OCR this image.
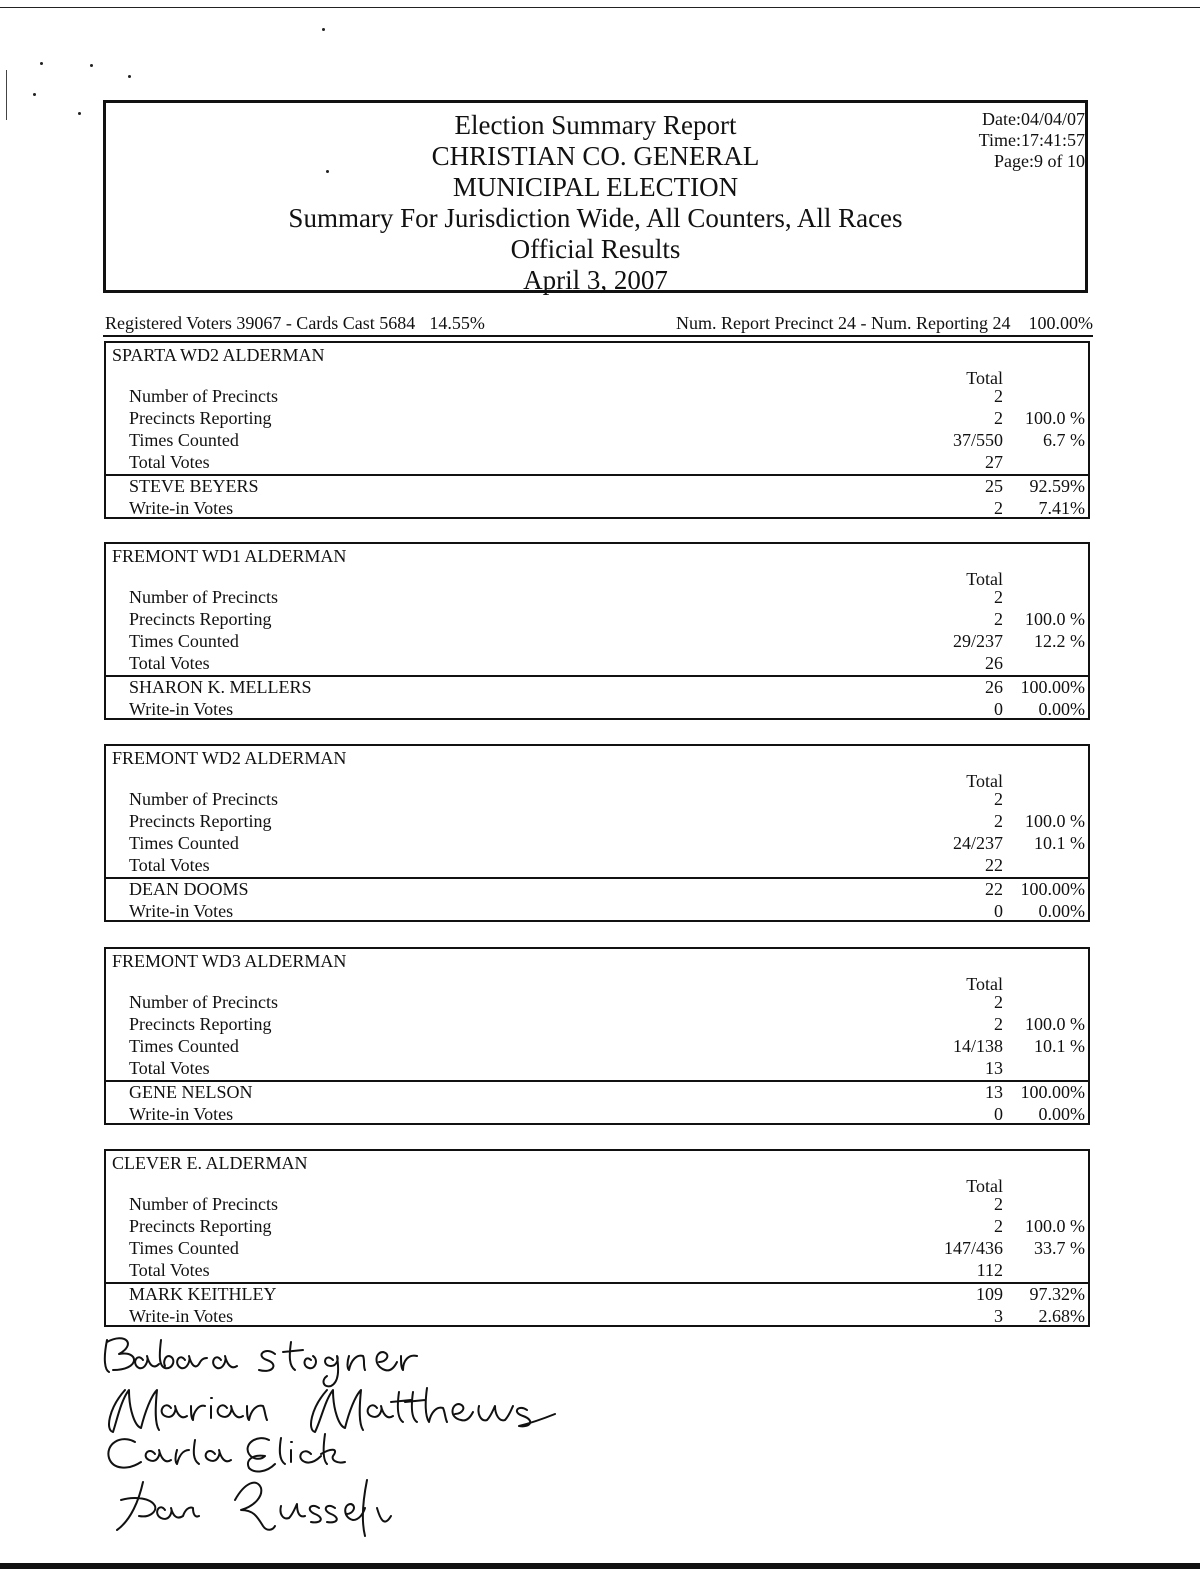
Election Summary Report
CHRISTIAN CO. GENERAL
MUNICIPAL ELECTION
Summary For Jurisdiction Wide, All Counters, All Races
Official Results
April 3, 2007
Date:04/04/07
Time:17:41:57
Page:9 of 10
Registered Voters 39067 - Cards Cast 5684 14.55%	Num. Report Precinct 24 - Num. Reporting 24 100.00%
SPARTA WD2 ALDERMAN
Total
Number of Precincts	2
Precincts Reporting	2 100.0 %
Times Counted	37/550 6.7 %
Total Votes	27
STEVE BEYERS	25 92.59%
Write-in Votes	2 7.41%
FREMONT WD1 ALDERMAN
Total
Number of Precincts	2
Precincts Reporting	2 100.0 %
Times Counted	29/237 12.2 %
Total Votes	26
SHARON K. MELLERS	26 100.00%
Write-in Votes	0 0.00%
FREMONT WD2 ALDERMAN
Total
Number of Precincts	2
Precincts Reporting	2 100.0 %
Times Counted	24/237 10.1 %
Total Votes	22
DEAN DOOMS	22 100.00%
Write-in Votes	0 0.00%
FREMONT WD3 ALDERMAN
Total
Number of Precincts	2
Precincts Reporting	2 100.0 %
Times Counted	14/138 10.1 %
Total Votes	13
GENE NELSON	13 100.00%
Write-in Votes	0 0.00%
CLEVER E. ALDERMAN
Total
Number of Precincts	2
Precincts Reporting	2 100.0 %
Times Counted	147/436 33.7 %
Total Votes	112
MARK KEITHLEY	109 97.32%
Write-in Votes	3 2.68%
